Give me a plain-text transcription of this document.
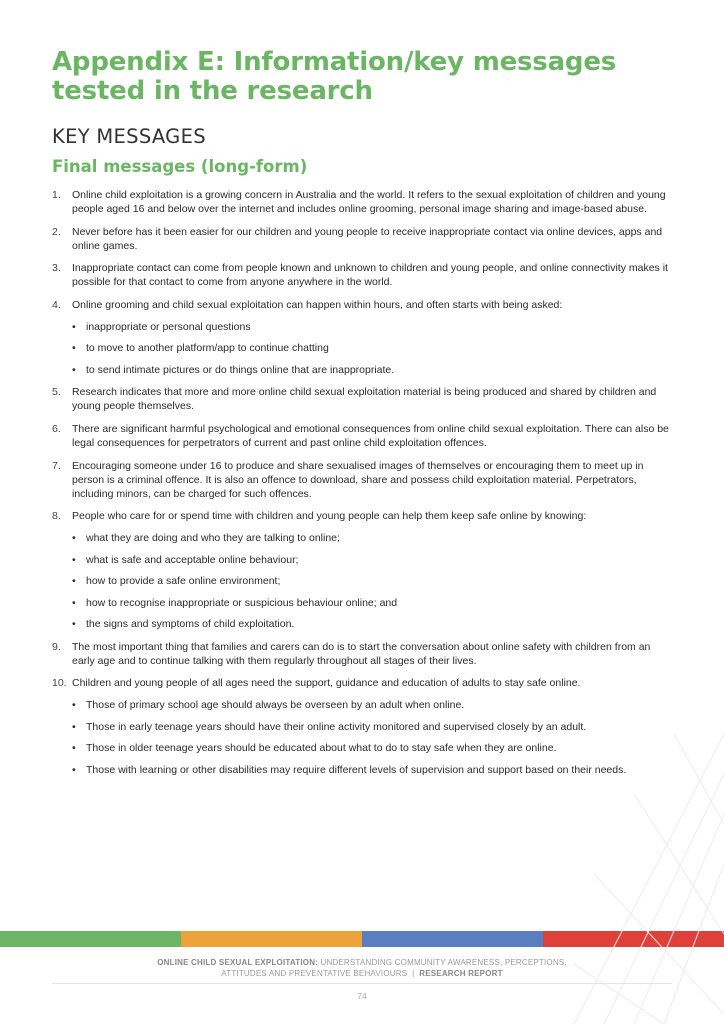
Appendix E: Information/key messages tested in the research
KEY MESSAGES
Final messages (long-form)
1.	Online child exploitation is a growing concern in Australia and the world. It refers to the sexual exploitation of children and young people aged 16 and below over the internet and includes online grooming, personal image sharing and image-based abuse.
2.	Never before has it been easier for our children and young people to receive inappropriate contact via online devices, apps and online games.
3.	Inappropriate contact can come from people known and unknown to children and young people, and online connectivity makes it possible for that contact to come from anyone anywhere in the world.
4.	Online grooming and child sexual exploitation can happen within hours, and often starts with being asked:
• inappropriate or personal questions
• to move to another platform/app to continue chatting
• to send intimate pictures or do things online that are inappropriate.
5.	Research indicates that more and more online child sexual exploitation material is being produced and shared by children and young people themselves.
6.	There are significant harmful psychological and emotional consequences from online child sexual exploitation. There can also be legal consequences for perpetrators of current and past online child exploitation offences.
7.	Encouraging someone under 16 to produce and share sexualised images of themselves or encouraging them to meet up in person is a criminal offence. It is also an offence to download, share and possess child exploitation material. Perpetrators, including minors, can be charged for such offences.
8.	People who care for or spend time with children and young people can help them keep safe online by knowing:
• what they are doing and who they are talking to online;
• what is safe and acceptable online behaviour;
• how to provide a safe online environment;
• how to recognise inappropriate or suspicious behaviour online; and
• the signs and symptoms of child exploitation.
9.	The most important thing that families and carers can do is to start the conversation about online safety with children from an early age and to continue talking with them regularly throughout all stages of their lives.
10. Children and young people of all ages need the support, guidance and education of adults to stay safe online.
• Those of primary school age should always be overseen by an adult when online.
• Those in early teenage years should have their online activity monitored and supervised closely by an adult.
• Those in older teenage years should be educated about what to do to stay safe when they are online.
• Those with learning or other disabilities may require different levels of supervision and support based on their needs.
ONLINE CHILD SEXUAL EXPLOITATION: UNDERSTANDING COMMUNITY AWARENESS, PERCEPTIONS,
ATTITUDES AND PREVENTATIVE BEHAVIOURS | RESEARCH REPORT
74
